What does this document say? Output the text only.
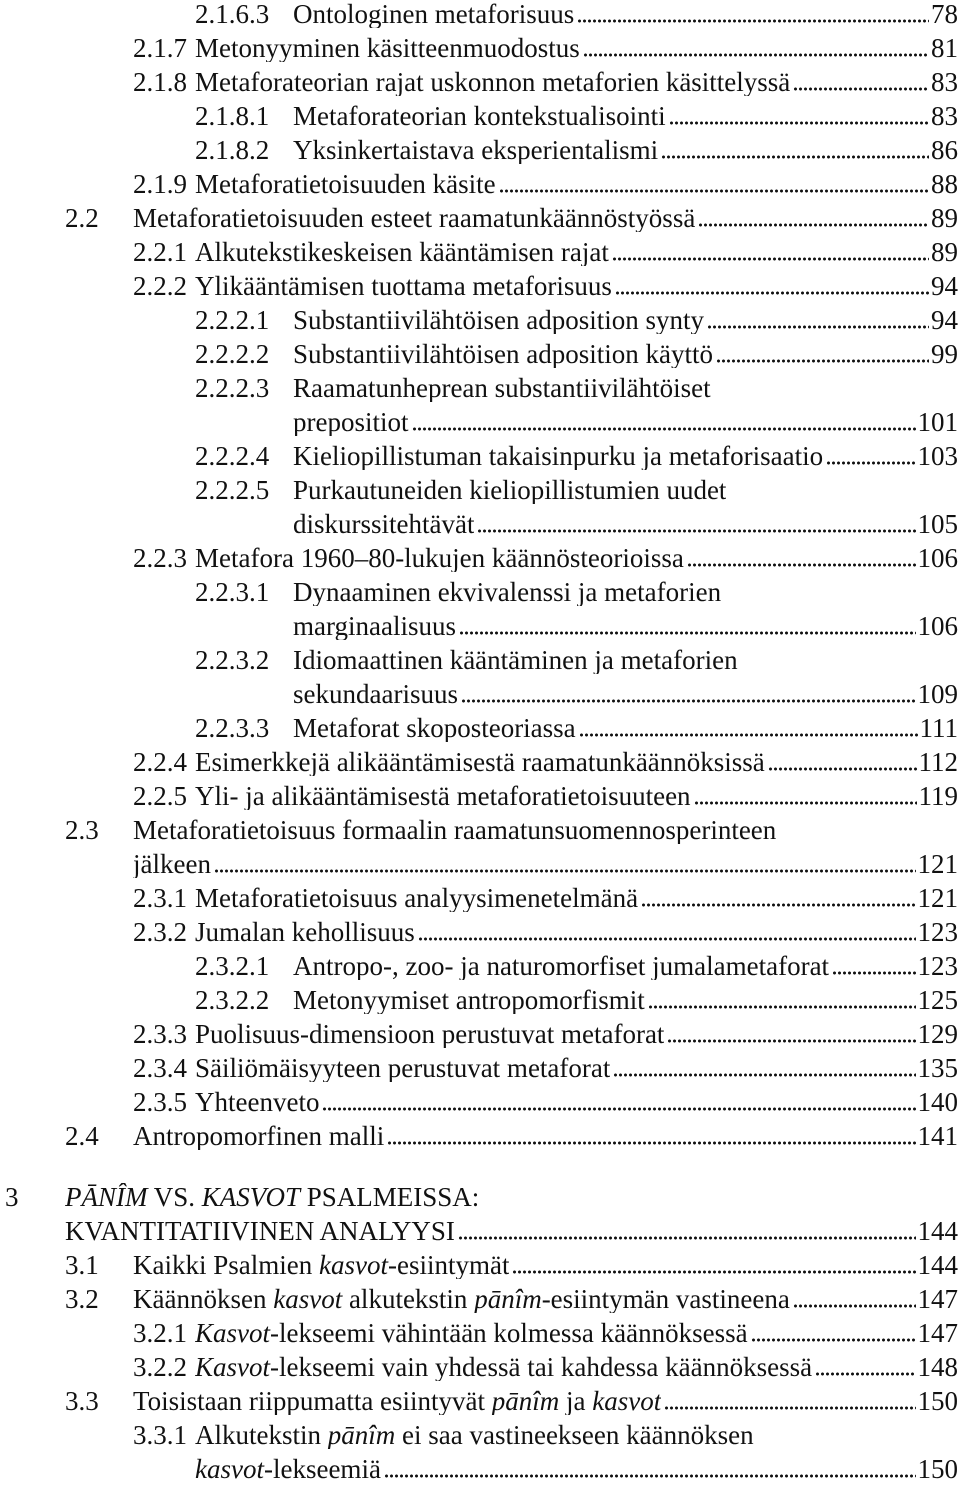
2.1.6.3 Ontologinen metaforisuus	78
2.1.7 Metonyyminen käsitteenmuodostus	81
2.1.8 Metaforateorian rajat uskonnon metaforien käsittelyssä	83
2.1.8.1 Metaforateorian kontekstualisointi	83
2.1.8.2 Yksinkertaistava eksperientalismi	86
2.1.9 Metaforatietoisuuden käsite	88
2.2	Metaforatietoisuuden esteet raamatunkäännöstyössä	89
2.2.1 Alkutekstikeskeisen kääntämisen rajat	89
2.2.2 Ylikääntämisen tuottama metaforisuus	94
2.2.2.1 Substantiivilähtöisen adposition synty	94
2.2.2.2 Substantiivilähtöisen adposition käyttö	99
2.2.2.3 Raamatunheprean substantiivilähtöiset
prepositiot	101
2.2.2.4 Kieliopillistuman takaisinpurku ja metaforisaatio	103
2.2.2.5 Purkautuneiden kieliopillistumien uudet
diskurssitehtävät	105
2.2.3 Metafora 1960–80-lukujen käännösteorioissa	106
2.2.3.1 Dynaaminen ekvivalenssi ja metaforien
marginaalisuus	106
2.2.3.2 Idiomaattinen kääntäminen ja metaforien
sekundaarisuus	109
2.2.3.3 Metaforat skoposteoriassa	111
2.2.4 Esimerkkejä alikääntämisestä raamatunkäännöksissä	112
2.2.5 Yli- ja alikääntämisestä metaforatietoisuuteen	119
2.3	Metaforatietoisuus formaalin raamatunsuomennosperinteen
jälkeen	121
2.3.1 Metaforatietoisuus analyysimenetelmänä	121
2.3.2 Jumalan kehollisuus	123
2.3.2.1 Antropo-, zoo- ja naturomorfiset jumalametaforat	123
2.3.2.2 Metonyymiset antropomorfismit	125
2.3.3 Puolisuus-dimensioon perustuvat metaforat	129
2.3.4 Säiliömäisyyteen perustuvat metaforat	135
2.3.5 Yhteenveto	140
2.4	Antropomorfinen malli	141
3	PĀNÎM VS. KASVOT PSALMEISSA:
KVANTITATIIVINEN ANALYYSI	144
3.1	Kaikki Psalmien kasvot-esiintymät	144
3.2	Käännöksen kasvot alkutekstin pānîm-esiintymän vastineena	147
3.2.1 Kasvot-lekseemi vähintään kolmessa käännöksessä	147
3.2.2 Kasvot-lekseemi vain yhdessä tai kahdessa käännöksessä	148
3.3	Toisistaan riippumatta esiintyvät pānîm ja kasvot	150
3.3.1 Alkutekstin pānîm ei saa vastineekseen käännöksen
kasvot-lekseemiä	150
